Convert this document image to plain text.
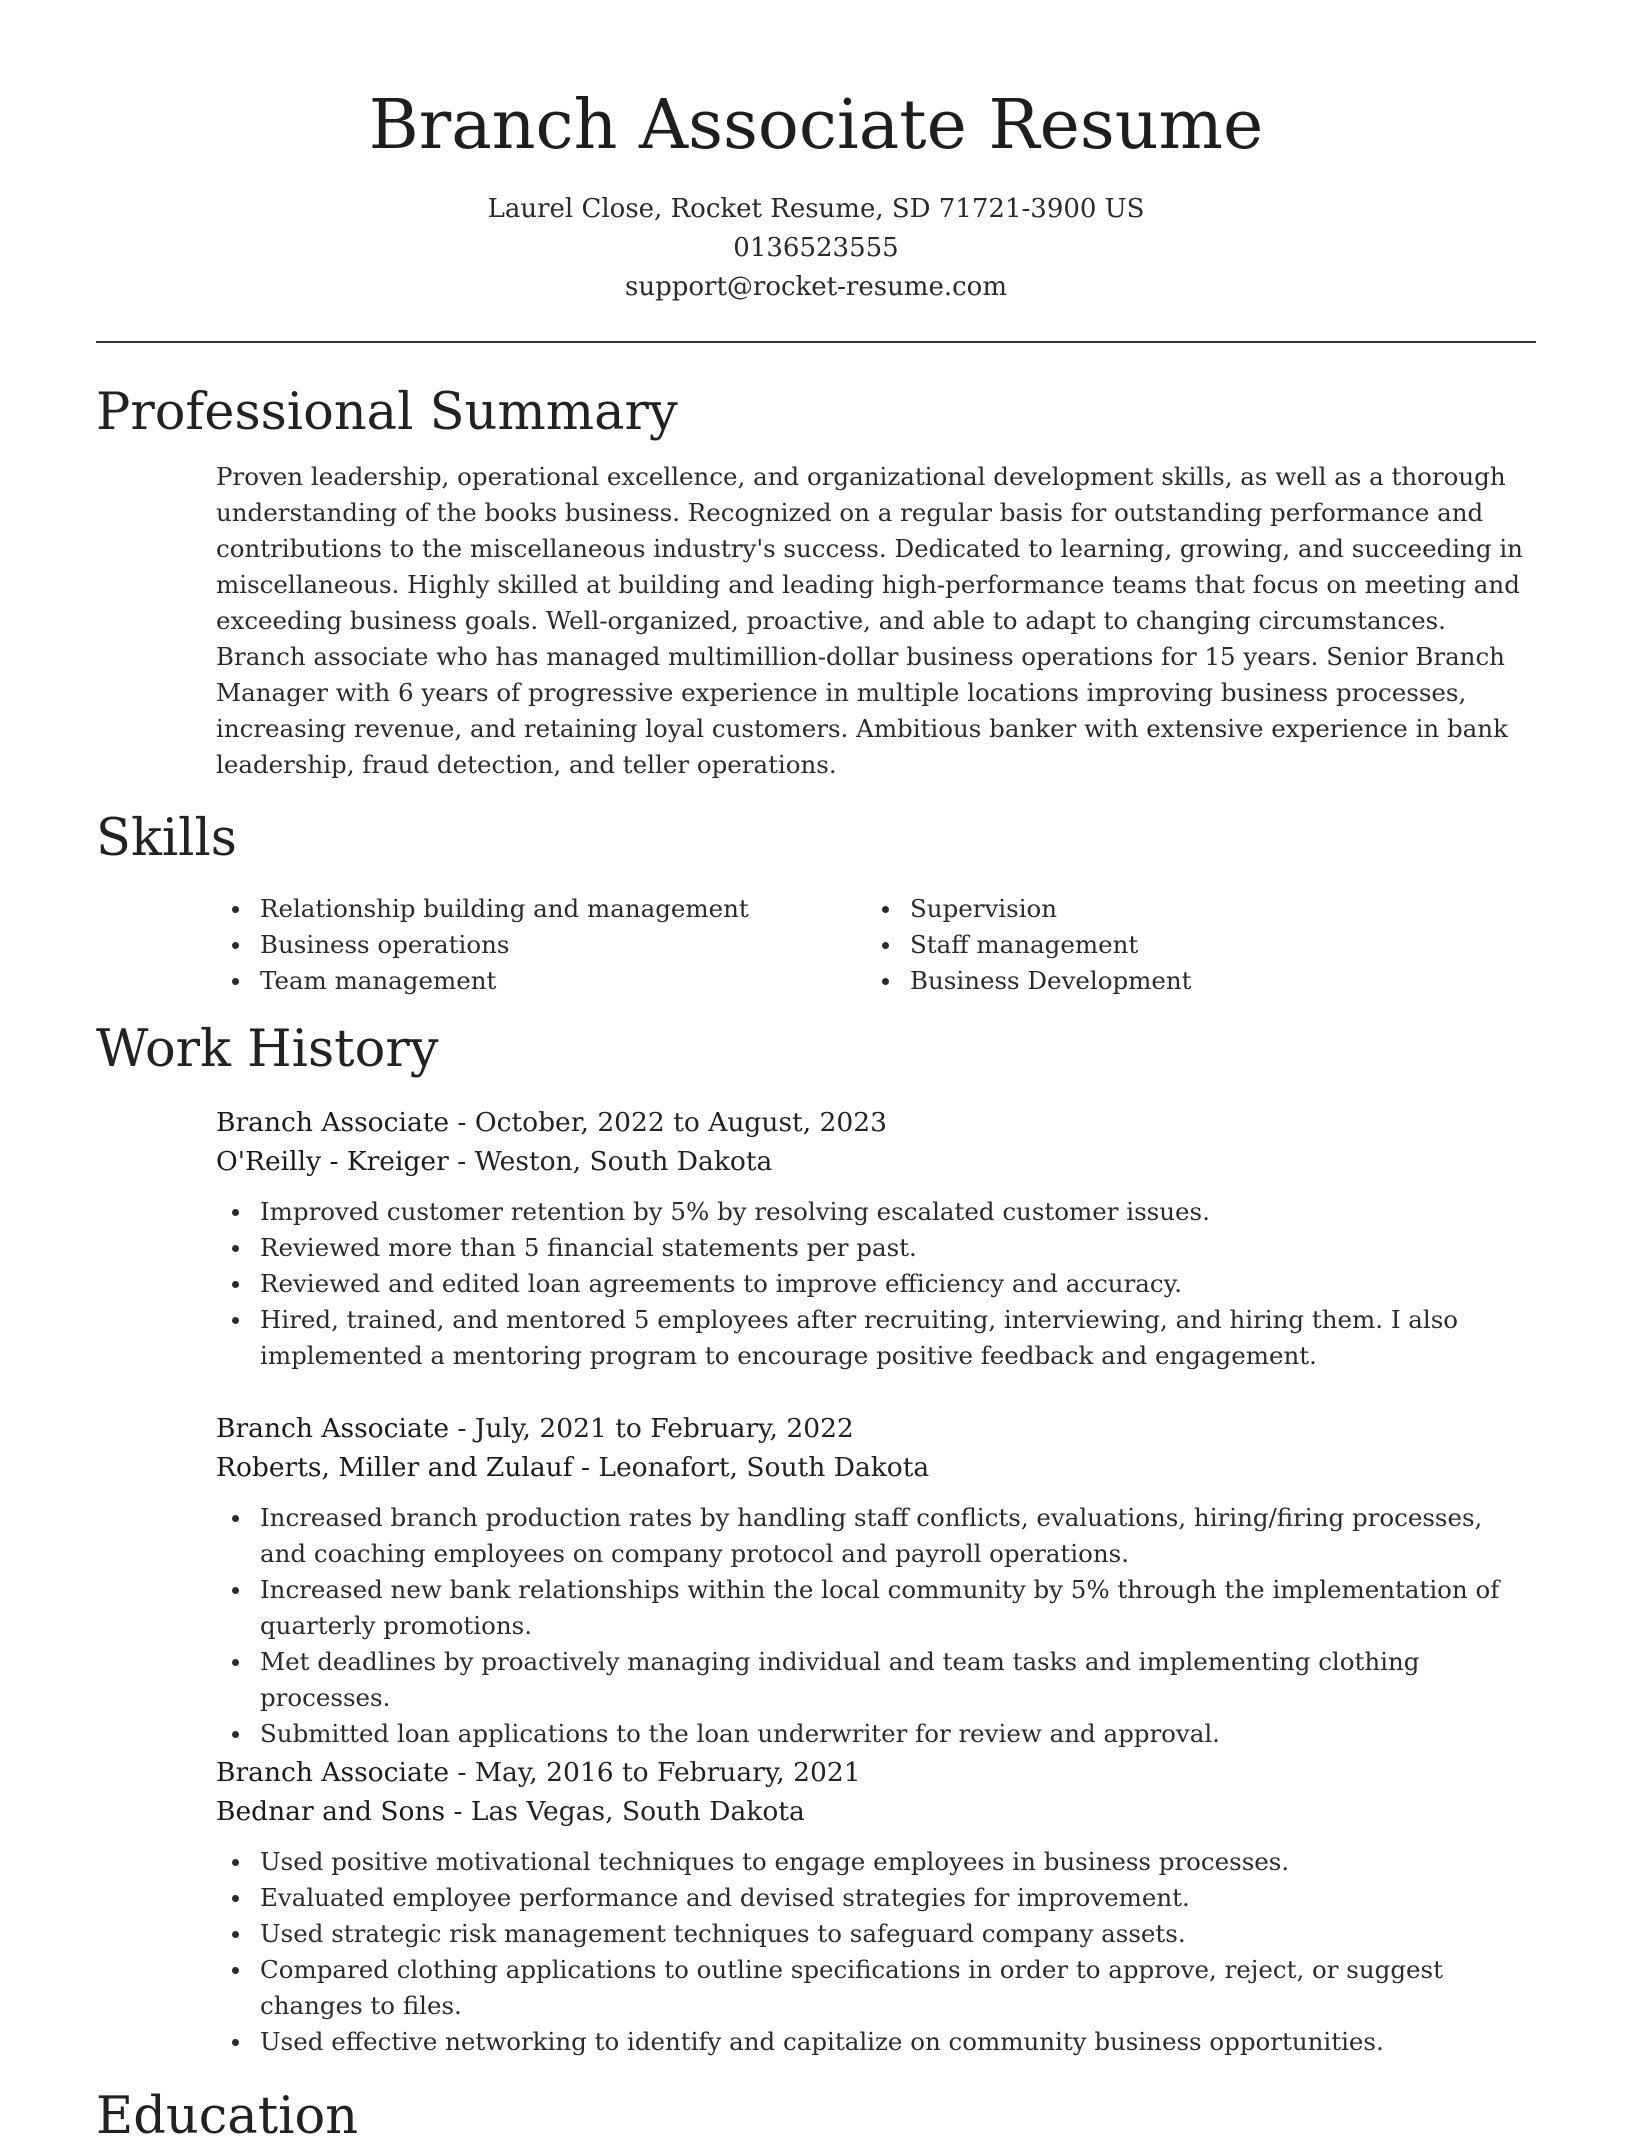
Branch Associate Resume
Laurel Close, Rocket Resume, SD 71721-3900 US
0136523555
support@rocket-resume.com
Professional Summary
Proven leadership, operational excellence, and organizational development skills, as well as a thorough understanding of the books business. Recognized on a regular basis for outstanding performance and contributions to the miscellaneous industry's success. Dedicated to learning, growing, and succeeding in miscellaneous. Highly skilled at building and leading high-performance teams that focus on meeting and exceeding business goals. Well-organized, proactive, and able to adapt to changing circumstances. Branch associate who has managed multimillion-dollar business operations for 15 years. Senior Branch Manager with 6 years of progressive experience in multiple locations improving business processes, increasing revenue, and retaining loyal customers. Ambitious banker with extensive experience in bank leadership, fraud detection, and teller operations.
Skills
Relationship building and management
Business operations
Team management
Supervision
Staff management
Business Development
Work History
Branch Associate - October, 2022 to August, 2023
O'Reilly - Kreiger - Weston, South Dakota
Improved customer retention by 5% by resolving escalated customer issues.
Reviewed more than 5 financial statements per past.
Reviewed and edited loan agreements to improve efficiency and accuracy.
Hired, trained, and mentored 5 employees after recruiting, interviewing, and hiring them. I also implemented a mentoring program to encourage positive feedback and engagement.
Branch Associate - July, 2021 to February, 2022
Roberts, Miller and Zulauf - Leonafort, South Dakota
Increased branch production rates by handling staff conflicts, evaluations, hiring/firing processes, and coaching employees on company protocol and payroll operations.
Increased new bank relationships within the local community by 5% through the implementation of quarterly promotions.
Met deadlines by proactively managing individual and team tasks and implementing clothing processes.
Submitted loan applications to the loan underwriter for review and approval.
Branch Associate - May, 2016 to February, 2021
Bednar and Sons - Las Vegas, South Dakota
Used positive motivational techniques to engage employees in business processes.
Evaluated employee performance and devised strategies for improvement.
Used strategic risk management techniques to safeguard company assets.
Compared clothing applications to outline specifications in order to approve, reject, or suggest changes to files.
Used effective networking to identify and capitalize on community business opportunities.
Education
